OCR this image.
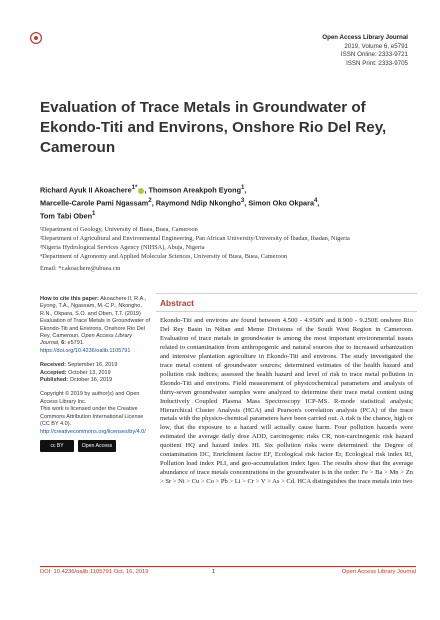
Open Access Library Journal
2019, Volume 6, e5791
ISSN Online: 2333-9721
ISSN Print: 2333-9705
Evaluation of Trace Metals in Groundwater of Ekondo-Titi and Environs, Onshore Rio Del Rey, Cameroun
Richard Ayuk II Akoachere$^{1*}$ , Thomson Areakpoh Eyong$^1$,
Marcelle-Carole Pami Ngassam$^2$, Raymond Ndip Nkongho$^3$, Simon Oko Okpara$^4$,
Tom Tabi Oben$^1$
¹Department of Geology, University of Buea, Buea, Cameroon
²Department of Agricultural and Environmental Engineering, Pan African University/University of Ibadan, Ibadan, Nigeria
³Nigeria Hydrological Services Agency (NIHSA), Abuja, Nigeria
⁴Department of Agronomy and Applied Molecular Sciences, University of Buea, Buea, Cameroon
Email: *r.akoachere@ubuea.cm
How to cite this paper: Akoachere II, R.A., Eyong, T.A., Ngassam, M.-C.P., Nkongho, R.N., Okpara, S.O. and Oben, T.T. (2019) Evaluation of Trace Metals in Groundwater of Ekondo-Titi and Environs, Onshore Rio Del Rey, Cameroun. Open Access Library Journal, 6: e5791. https://doi.org/10.4236/oalib.1105791
Received: September 16, 2019
Accepted: October 13, 2019
Published: October 16, 2019
Copyright © 2019 by author(s) and Open Access Library Inc.
This work is licensed under the Creative Commons Attribution International License (CC BY 4.0).
http://creativecommons.org/licenses/by/4.0/
cc BY	Open Access
Abstract
Ekondo-Titi and environs are found between 4.500 - 4.950N and 8.900 - 9.250E onshore Rio Del Rey Basin in Ndian and Meme Divisions of the South West Region in Cameroon. Evaluation of trace metals in groundwater is among the most important environmental issues related to contamination from anthropogenic and natural sources due to increased urbanization and intensive plantation agriculture in Ekondo-Titi and environs. The study investigated the trace metal content of groundwater sources; determined estimates of the health hazard and pollution risk indices; assessed the health hazard and level of risk to trace metal pollution in Ekondo-Titi and environs. Field measurement of physicochemical parameters and analysis of thirty-seven groundwater samples were analyzed to determine their trace metal content using Inductively Coupled Plasma Mass Spectroscopy ICP-MS. R-mode statistical analysis; Hierarchical Cluster Analysis (HCA) and Pearson's correlation analysis (PCA) of the trace metals with the physico-chemical parameters have been carried out. A risk is the chance, high or low, that the exposure to a hazard will actually cause harm. Four pollution hazards were estimated the average daily dose ADD, carcinogenic risks CR, non-carcinogenic risk hazard quotient HQ and hazard index HI. Six pollution risks were determined: the Degree of contamination DC, Enrichment factor EF, Ecological risk factor Er, Ecological risk index RI, Pollution load index PLI, and geo-accumulation index Igeo. The results show that the average abundance of trace metals concentrations in the groundwater is in the order: Fe > Ba > Mn > Zn > Sr > Ni > Cu > Co > Pb > Li > Cr > V > As > Cd. HCA distinguishes the trace metals into two
DOI: 10.4236/oalib.1105791 Oct. 16, 2019	1	Open Access Library Journal
